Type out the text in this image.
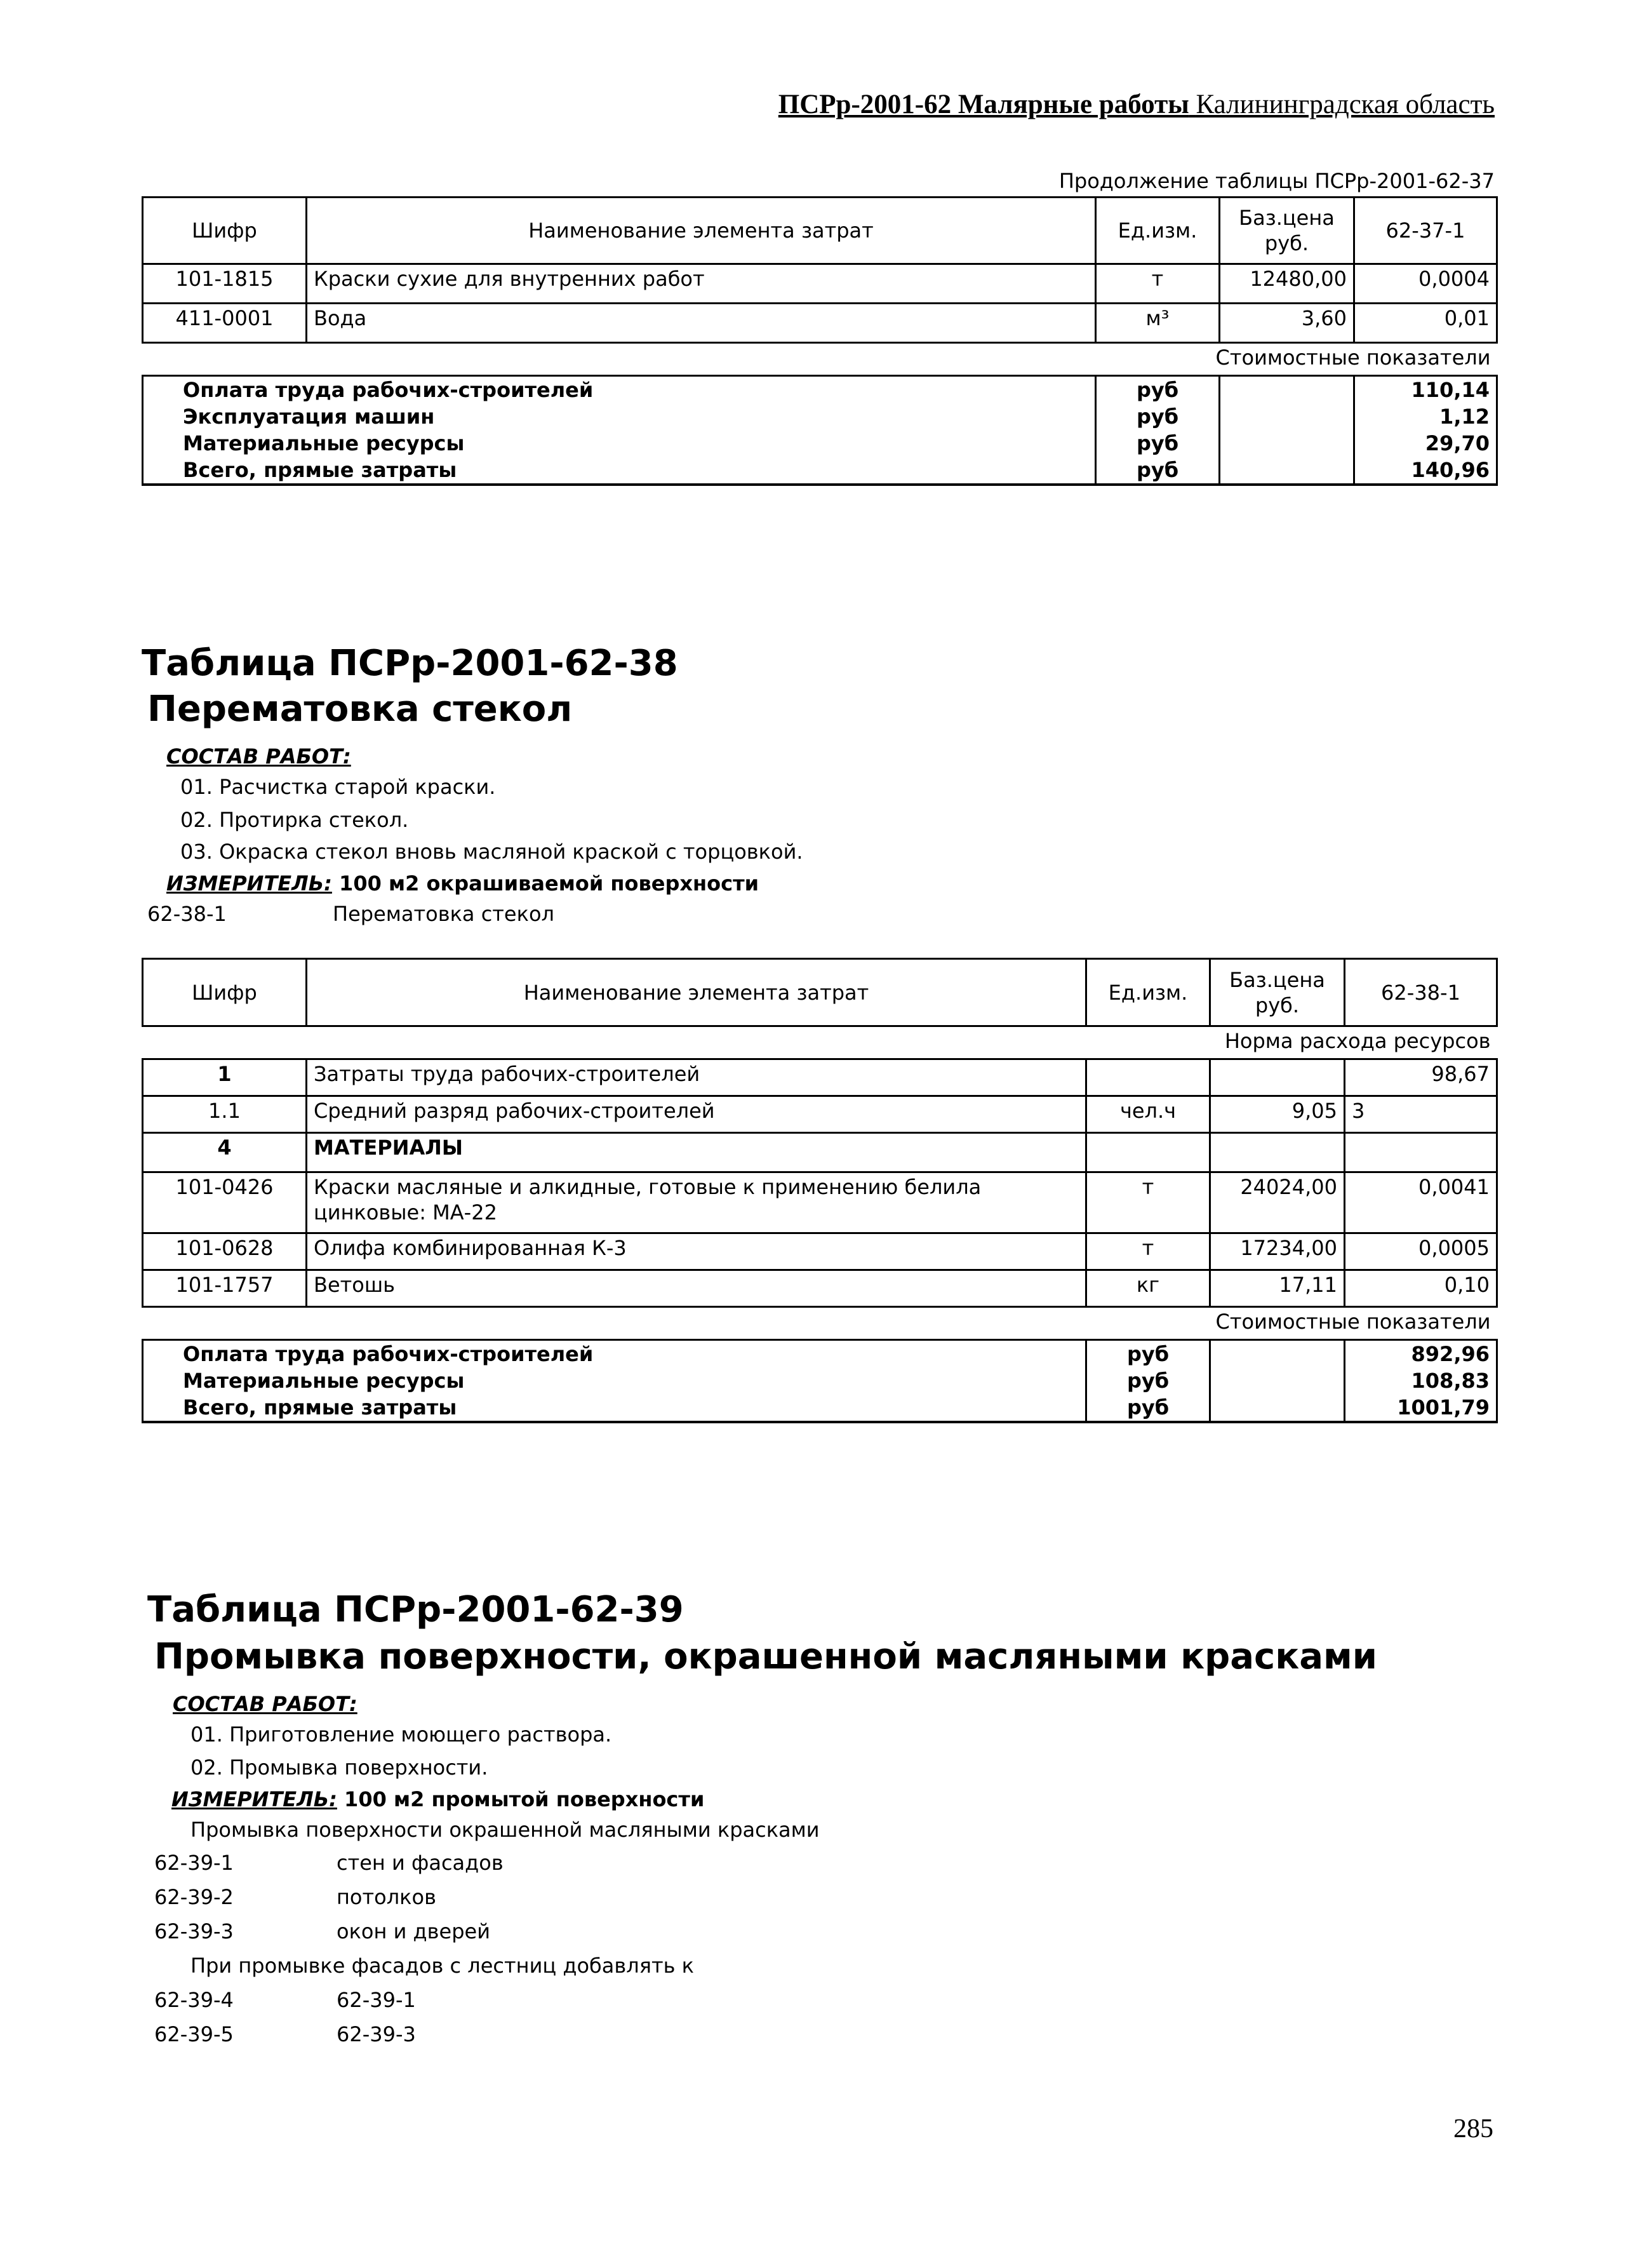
ПСРр-2001-62 Малярные работы Калининградская область
Продолжение таблицы ПСРр-2001-62-37
Шифр	Наименование элемента затрат	Ед.изм.	Баз.цена руб.	62-37-1
101-1815	Краски сухие для внутренних работ	т	12480,00	0,0004
411-0001	Вода	м³	3,60	0,01
Стоимостные показатели				
Оплата труда рабочих-строителей		руб		110,14
Эксплуатация машин		руб		1,12
Материальные ресурсы		руб		29,70
Всего, прямые затраты		руб		140,96
Таблица ПСРр-2001-62-38
Перематовка стекол
СОСТАВ РАБОТ:
01. Расчистка старой краски.
02. Протирка стекол.
03. Окраска стекол вновь масляной краской с торцовкой.
ИЗМЕРИТЕЛЬ: 100 м2 окрашиваемой поверхности
62-38-1	Перематовка стекол
Шифр	Наименование элемента затрат	Ед.изм.	Баз.цена руб.	62-38-1
Норма расхода ресурсов				
1	Затраты труда рабочих-строителей			98,67
1.1	Средний разряд рабочих-строителей	чел.ч	9,05	3
4	МАТЕРИАЛЫ			
101-0426	Краски масляные и алкидные, готовые к применению белила цинковые: МА-22	т	24024,00	0,0041
101-0628	Олифа комбинированная К-3	т	17234,00	0,0005
101-1757	Ветошь	кг	17,11	0,10
Стоимостные показатели				
Оплата труда рабочих-строителей		руб		892,96
Материальные ресурсы		руб		108,83
Всего, прямые затраты		руб		1001,79
Таблица ПСРр-2001-62-39
Промывка поверхности, окрашенной масляными красками
СОСТАВ РАБОТ:
01. Приготовление моющего раствора.
02. Промывка поверхности.
ИЗМЕРИТЕЛЬ: 100 м2 промытой поверхности
Промывка поверхности окрашенной масляными красками
62-39-1	стен и фасадов
62-39-2	потолков
62-39-3	окон и дверей
При промывке фасадов с лестниц добавлять к
62-39-4	62-39-1
62-39-5	62-39-3
285
